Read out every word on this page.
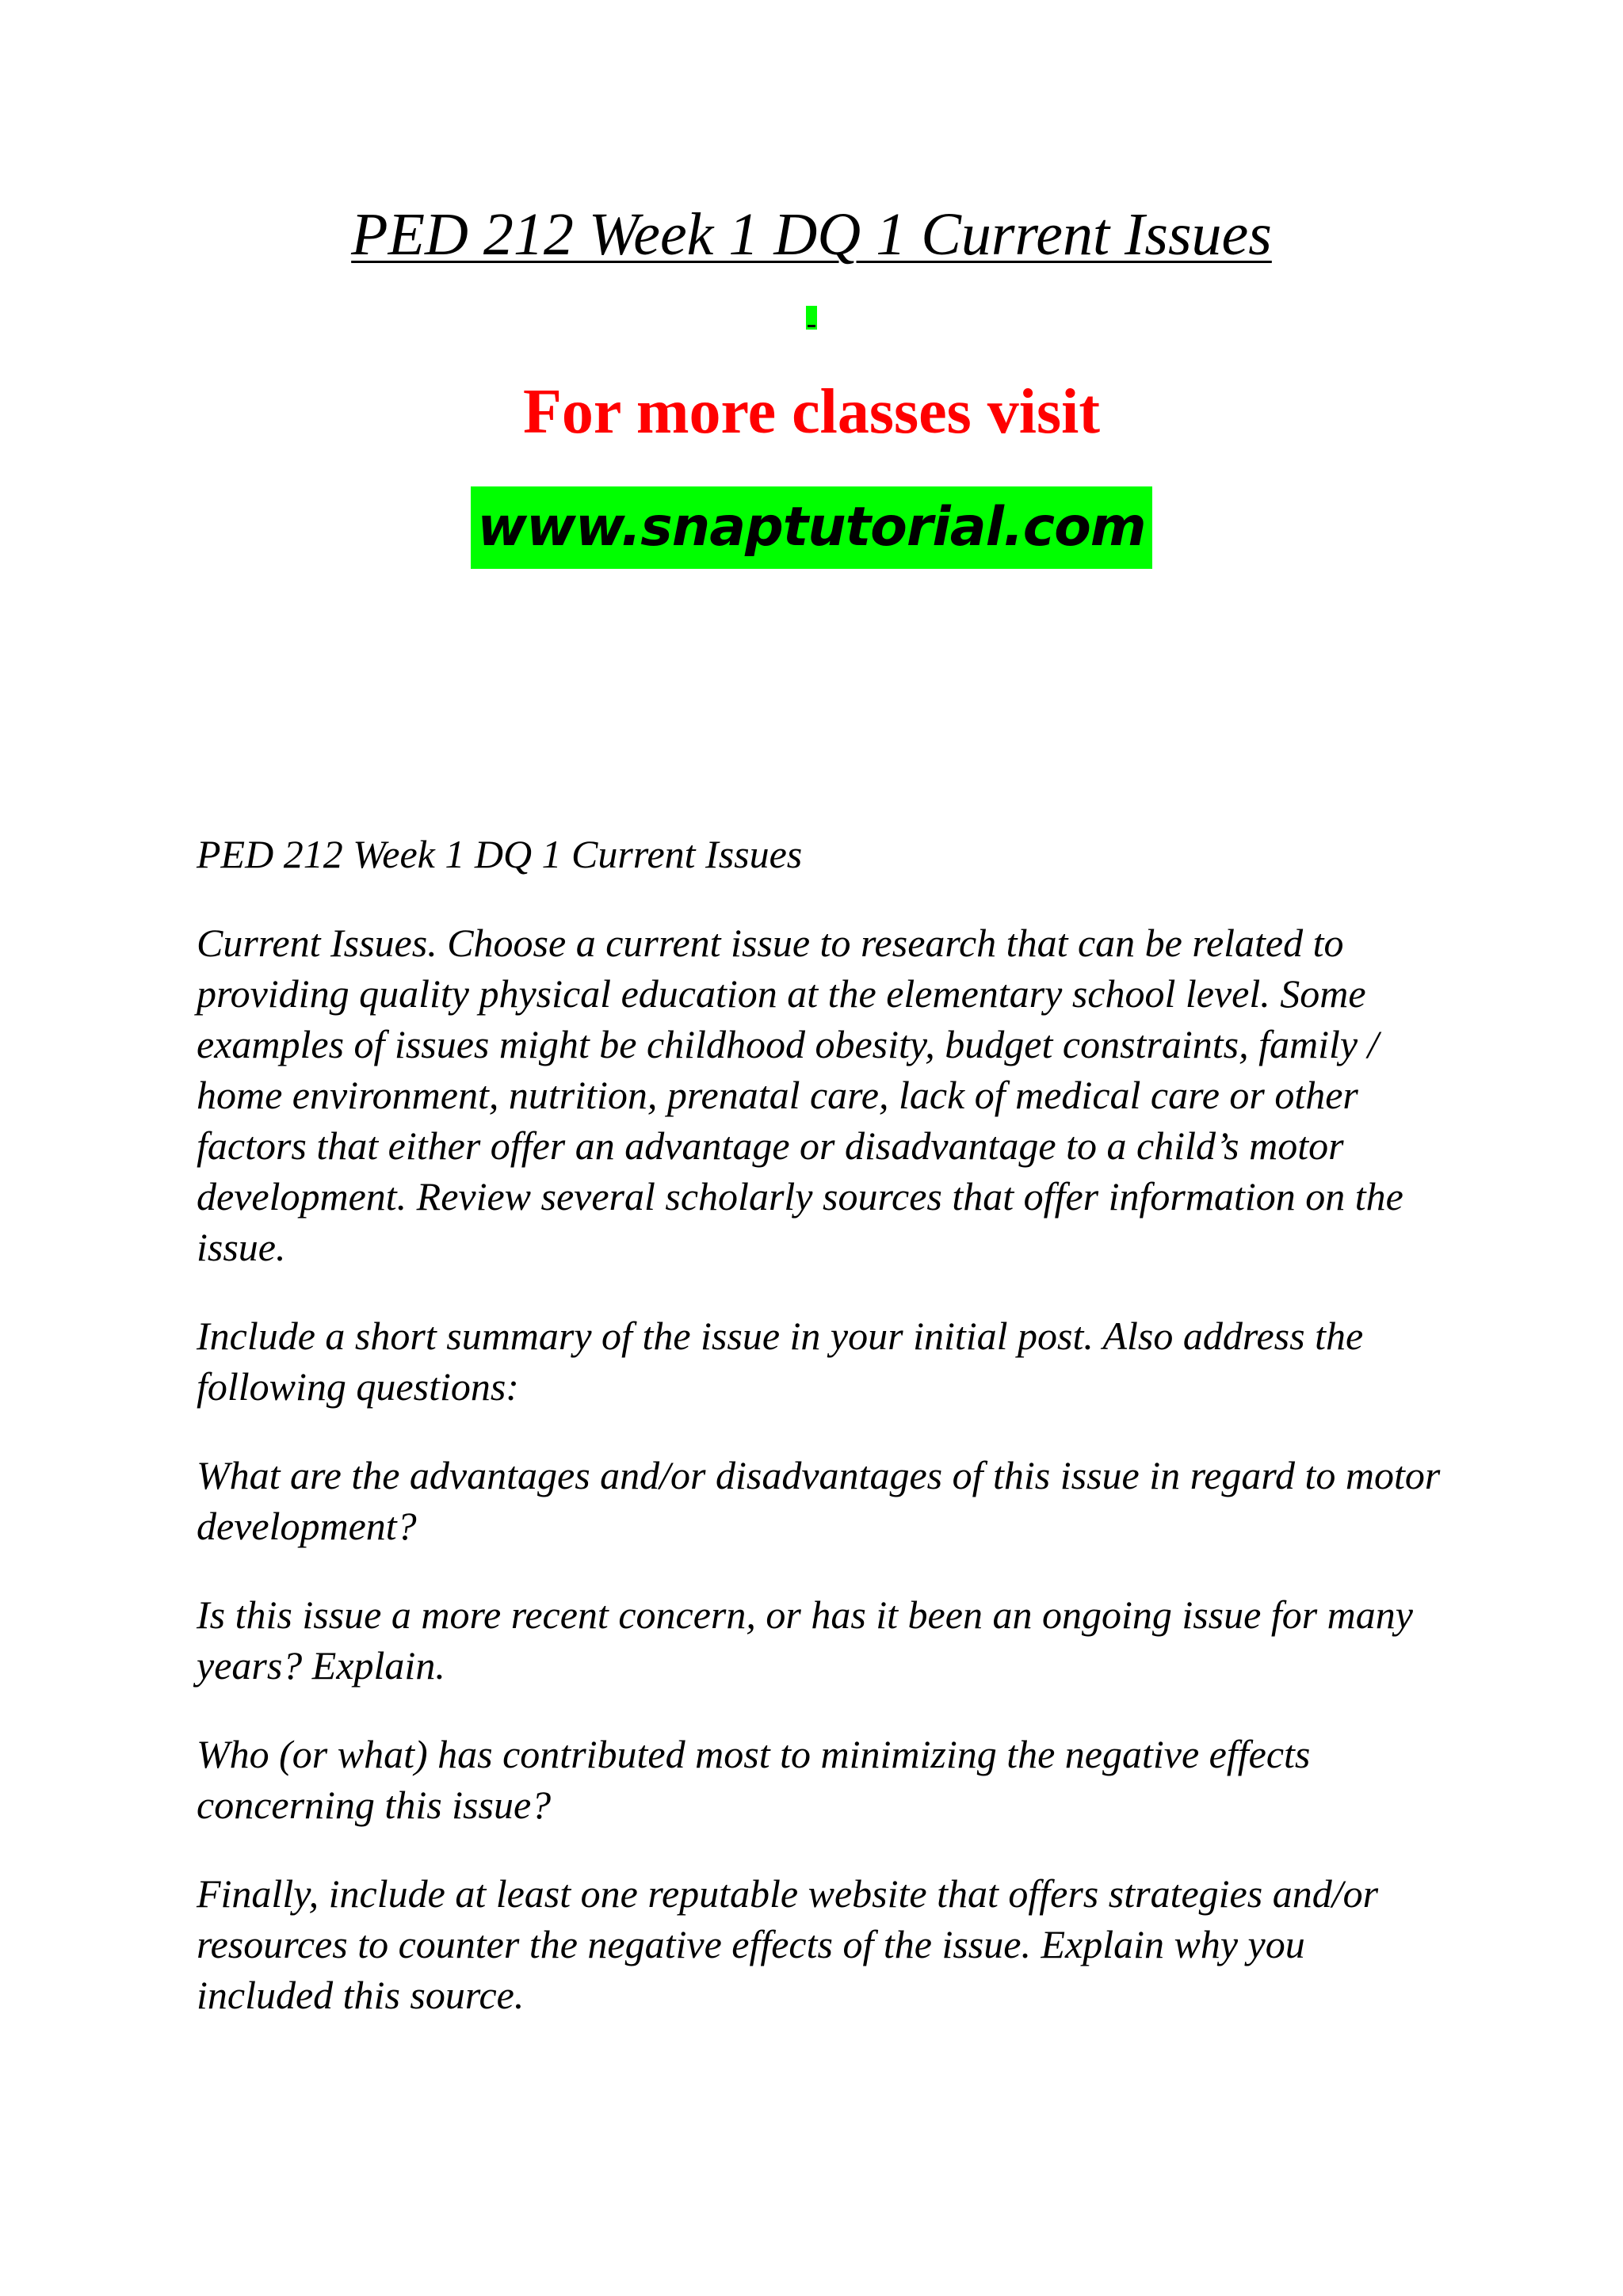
PED 212 Week 1 DQ 1 Current Issues
For more classes visit
www.snaptutorial.com

PED 212 Week 1 DQ 1 Current Issues

Current Issues. Choose a current issue to research that can be related to providing quality physical education at the elementary school level. Some examples of issues might be childhood obesity, budget constraints, family / home environment, nutrition, prenatal care, lack of medical care or other factors that either offer an advantage or disadvantage to a child’s motor development. Review several scholarly sources that offer information on the issue.

Include a short summary of the issue in your initial post. Also address the following questions:

What are the advantages and/or disadvantages of this issue in regard to motor development?

Is this issue a more recent concern, or has it been an ongoing issue for many years? Explain.

Who (or what) has contributed most to minimizing the negative effects concerning this issue?

Finally, include at least one reputable website that offers strategies and/or resources to counter the negative effects of the issue. Explain why you included this source.
